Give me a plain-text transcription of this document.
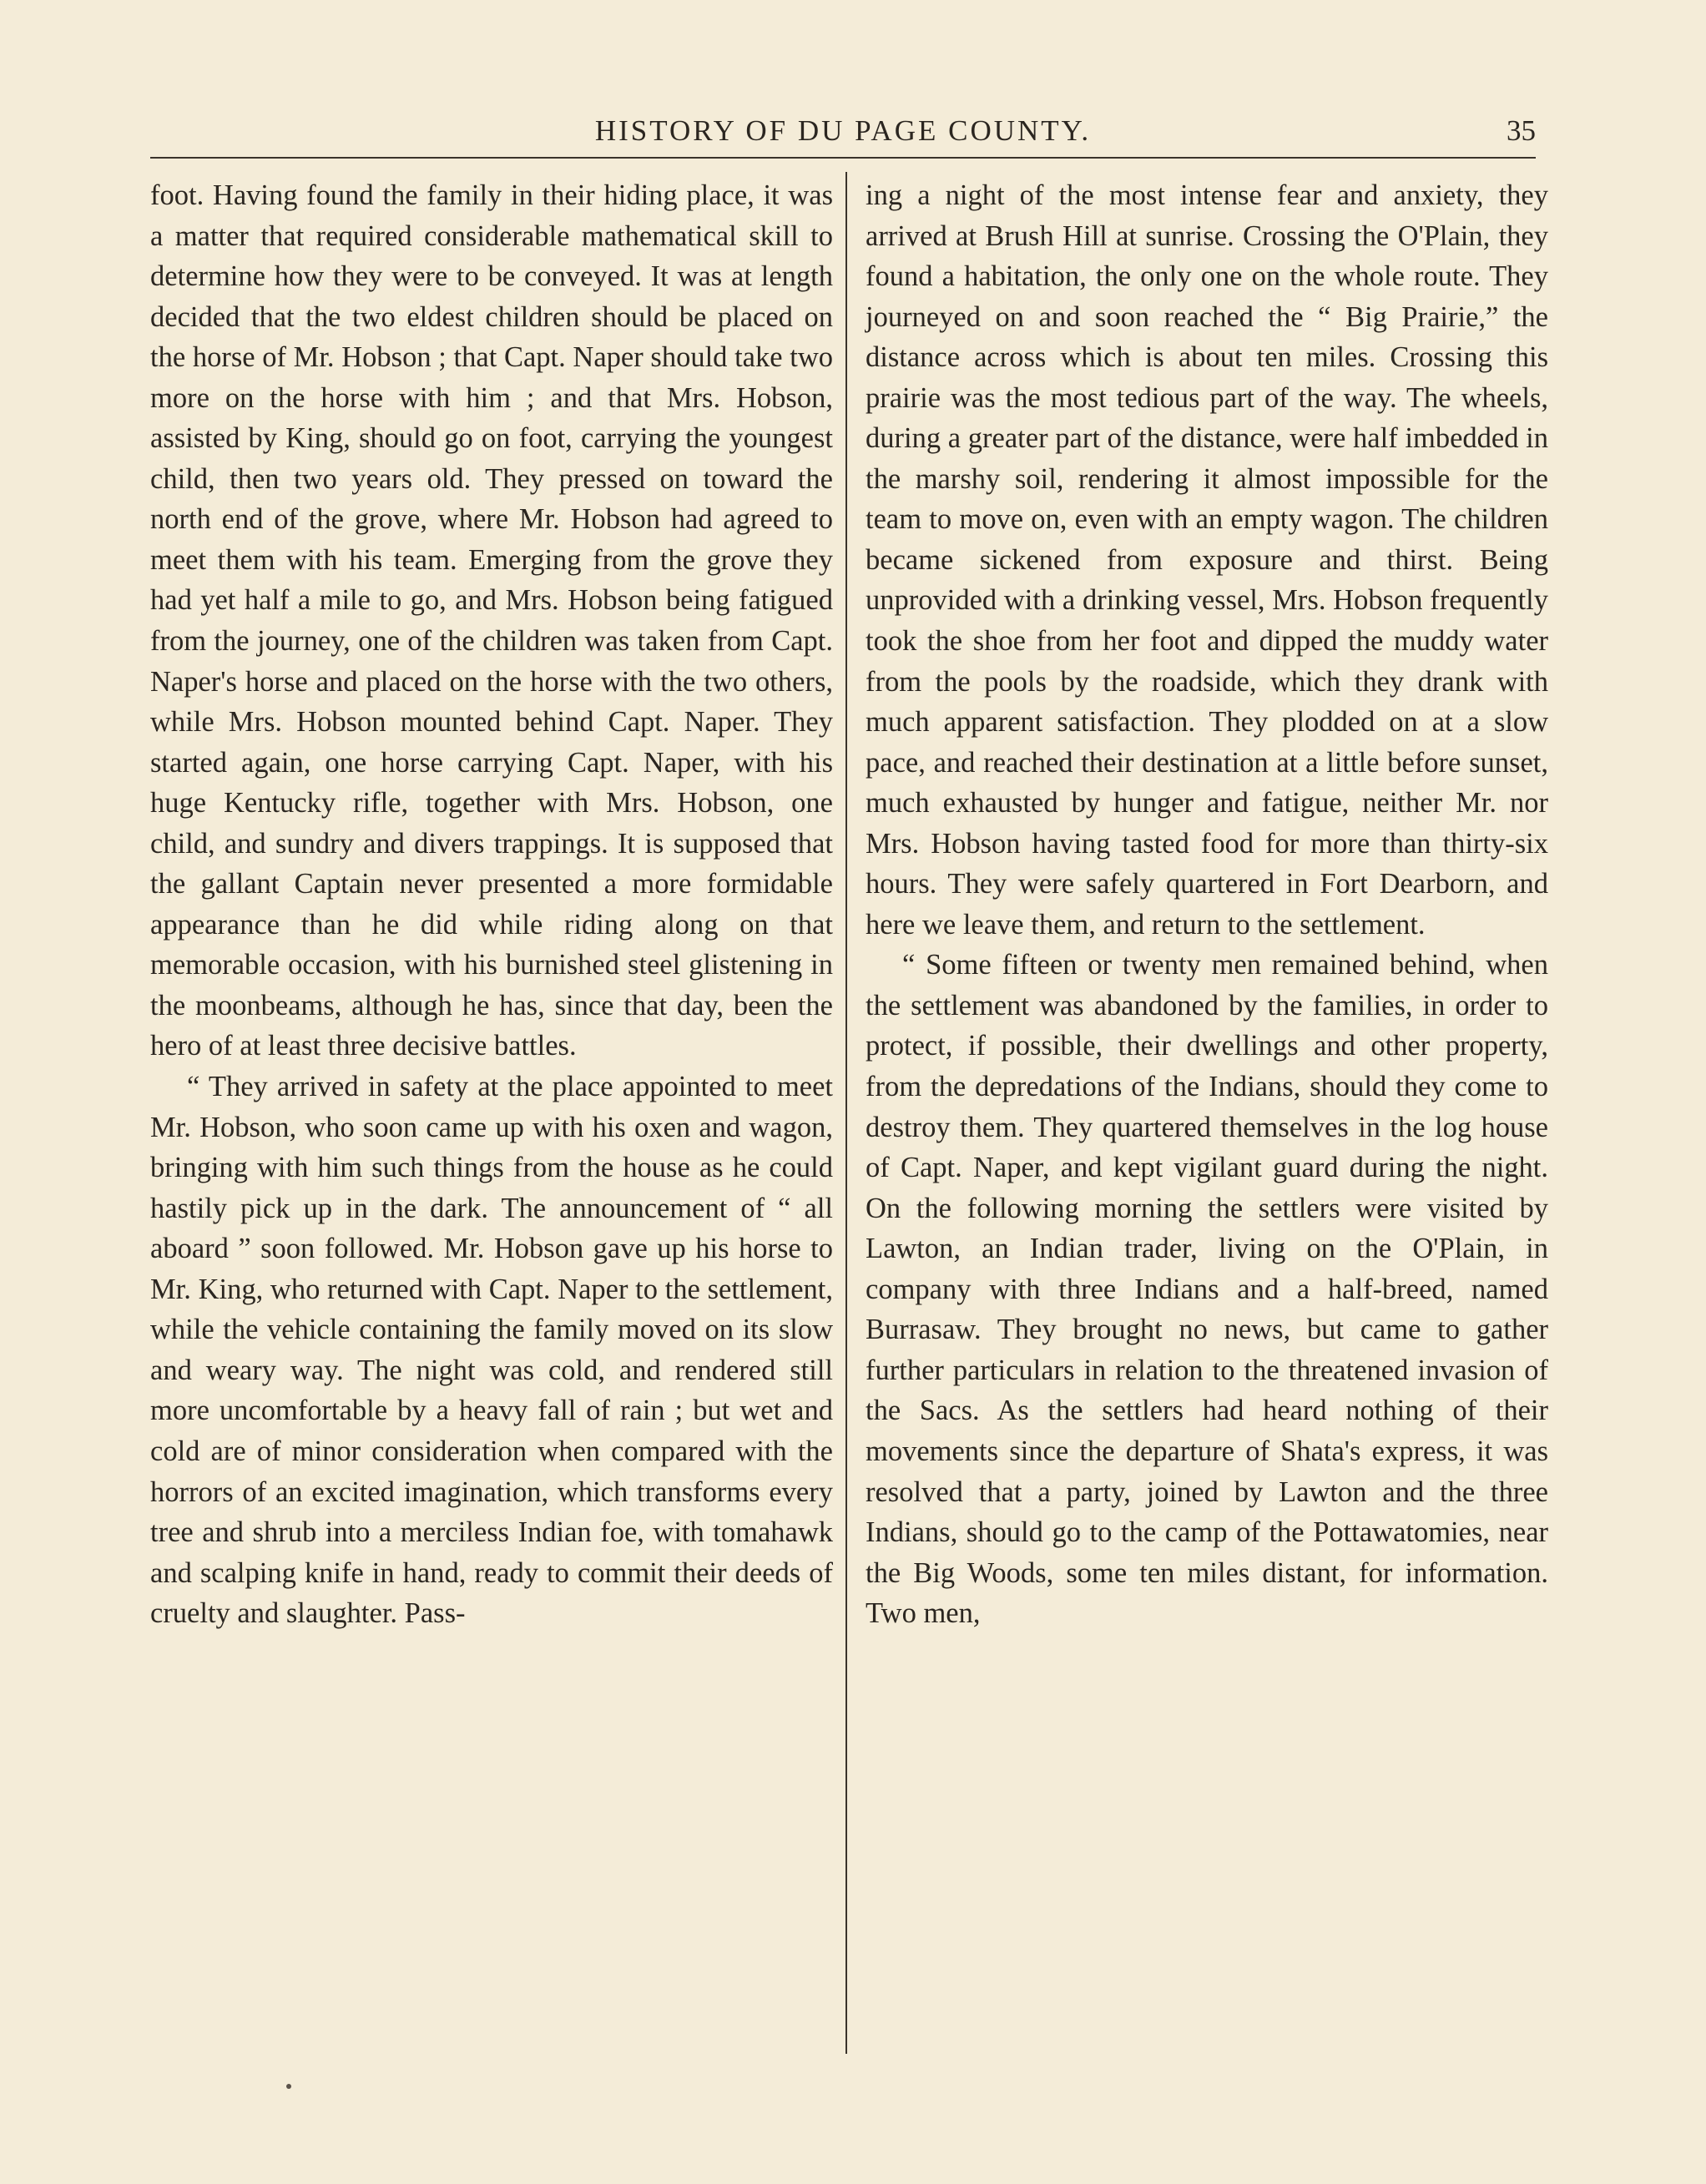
HISTORY OF DU PAGE COUNTY.	35

foot. Having found the family in their hiding place, it was a matter that required considerable mathematical skill to determine how they were to be conveyed. It was at length decided that the two eldest children should be placed on the horse of Mr. Hobson ; that Capt. Naper should take two more on the horse with him ; and that Mrs. Hobson, assisted by King, should go on foot, carrying the youngest child, then two years old. They pressed on toward the north end of the grove, where Mr. Hobson had agreed to meet them with his team. Emerging from the grove they had yet half a mile to go, and Mrs. Hobson being fatigued from the journey, one of the children was taken from Capt. Naper's horse and placed on the horse with the two others, while Mrs. Hobson mounted behind Capt. Naper. They started again, one horse carrying Capt. Naper, with his huge Kentucky rifle, together with Mrs. Hobson, one child, and sundry and divers trappings. It is supposed that the gallant Captain never presented a more formidable appearance than he did while riding along on that memorable occasion, with his burnished steel glistening in the moonbeams, although he has, since that day, been the hero of at least three decisive battles.

“ They arrived in safety at the place appointed to meet Mr. Hobson, who soon came up with his oxen and wagon, bringing with him such things from the house as he could hastily pick up in the dark. The announcement of “ all aboard ” soon followed. Mr. Hobson gave up his horse to Mr. King, who returned with Capt. Naper to the settlement, while the vehicle containing the family moved on its slow and weary way. The night was cold, and rendered still more uncomfortable by a heavy fall of rain ; but wet and cold are of minor consideration when compared with the horrors of an excited imagination, which transforms every tree and shrub into a merciless Indian foe, with tomahawk and scalping knife in hand, ready to commit their deeds of cruelty and slaughter. Pass-

ing a night of the most intense fear and anxiety, they arrived at Brush Hill at sunrise. Crossing the O'Plain, they found a habitation, the only one on the whole route. They journeyed on and soon reached the “ Big Prairie,” the distance across which is about ten miles. Crossing this prairie was the most tedious part of the way. The wheels, during a greater part of the distance, were half imbedded in the marshy soil, rendering it almost impossible for the team to move on, even with an empty wagon. The children became sickened from exposure and thirst. Being unprovided with a drinking vessel, Mrs. Hobson frequently took the shoe from her foot and dipped the muddy water from the pools by the roadside, which they drank with much apparent satisfaction. They plodded on at a slow pace, and reached their destination at a little before sunset, much exhausted by hunger and fatigue, neither Mr. nor Mrs. Hobson having tasted food for more than thirty-six hours. They were safely quartered in Fort Dearborn, and here we leave them, and return to the settlement.

“ Some fifteen or twenty men remained behind, when the settlement was abandoned by the families, in order to protect, if possible, their dwellings and other property, from the depredations of the Indians, should they come to destroy them. They quartered themselves in the log house of Capt. Naper, and kept vigilant guard during the night. On the following morning the settlers were visited by Lawton, an Indian trader, living on the O'Plain, in company with three Indians and a half-breed, named Burrasaw. They brought no news, but came to gather further particulars in relation to the threatened invasion of the Sacs. As the settlers had heard nothing of their movements since the departure of Shata's express, it was resolved that a party, joined by Lawton and the three Indians, should go to the camp of the Pottawatomies, near the Big Woods, some ten miles distant, for information. Two men,
